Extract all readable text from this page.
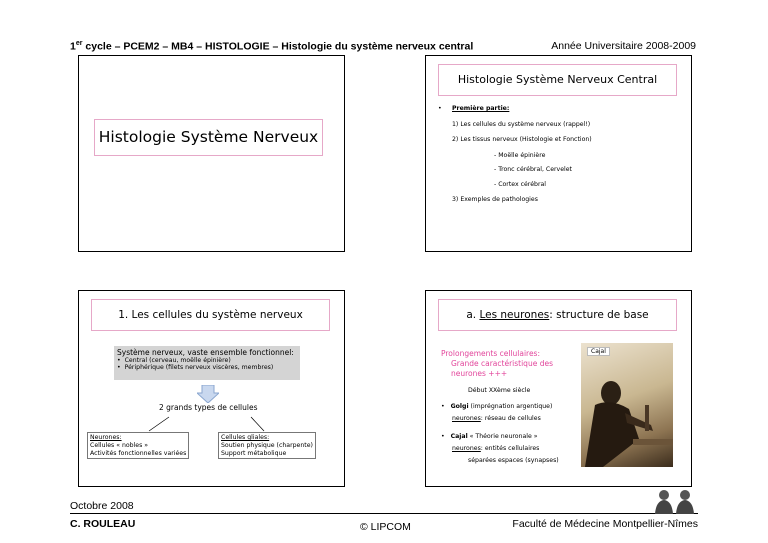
1er cycle – PCEM2 – MB4 – HISTOLOGIE – Histologie du système nerveux central	Année Universitaire 2008-2009
Histologie Système Nerveux
Histologie Système Nerveux Central
• Première partie:
1) Les cellules du système nerveux (rappel!)
2) Les tissus nerveux (Histologie et Fonction)
- Moëlle épinière
- Tronc cérébral, Cervelet
- Cortex cérébral
3) Exemples de pathologies
1. Les cellules du système nerveux
Système nerveux, vaste ensemble fonctionnel:
•  Central (cerveau, moëlle épinière)
•  Périphérique (filets nerveux viscères, membres)
2 grands types de cellules
Neurones:
Cellules « nobles »
Activités fonctionnelles variées
Cellules gliales:
Soutien physique (charpente)
Support métabolique
a. Les neurones: structure de base
Prolongements cellulaires:
Grande caractéristique des
neurones +++
Début XXème siècle
•   Golgi (imprégnation argentique)
neurones: réseau de cellules
•   Cajal « Théorie neuronale »
neurones: entités cellulaires
séparées espaces (synapses)
Cajal
Octobre 2008
C. ROULEAU	© LIPCOM	Faculté de Médecine Montpellier-Nîmes
